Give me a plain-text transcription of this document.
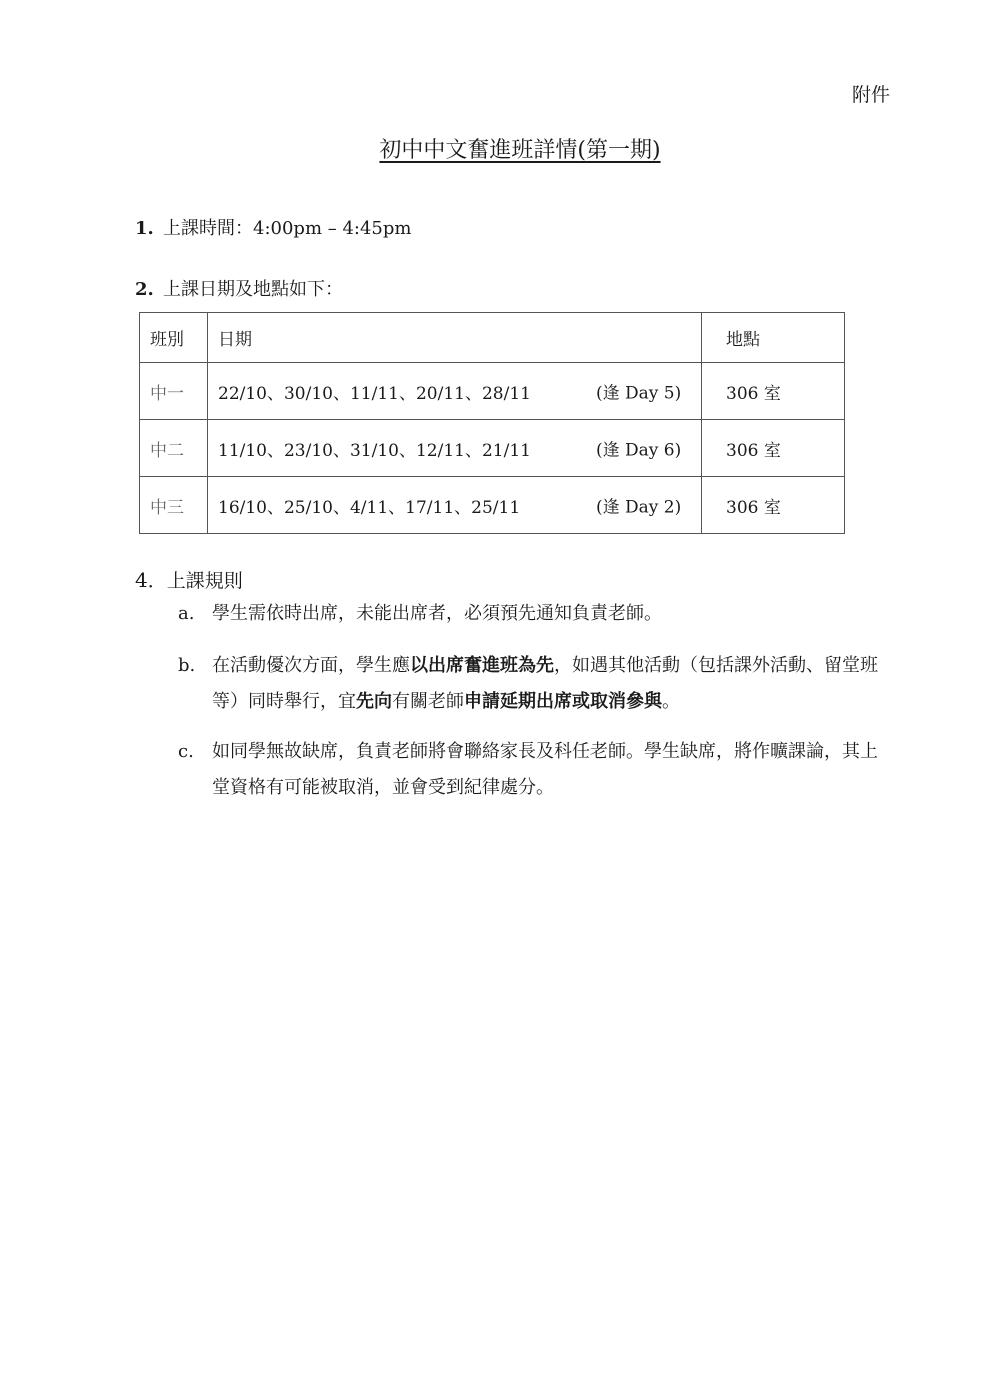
附件
初中中文奮進班詳情(第一期)
1. 上課時間：4:00pm – 4:45pm
2. 上課日期及地點如下：
班別	日期	地點
中一	22/10、30/10、11/11、20/11、28/11 (逢 Day 5)	306 室
中二	11/10、23/10、31/10、12/11、21/11 (逢 Day 6)	306 室
中三	16/10、25/10、4/11、17/11、25/11 (逢 Day 2)	306 室
4．上課規則
a. 學生需依時出席，未能出席者，必須預先通知負責老師。
b. 在活動優次方面，學生應以出席奮進班為先，如遇其他活動（包括課外活動、留堂班等）同時舉行，宜先向有關老師申請延期出席或取消參與。
c. 如同學無故缺席，負責老師將會聯絡家長及科任老師。學生缺席，將作曠課論，其上堂資格有可能被取消，並會受到紀律處分。
